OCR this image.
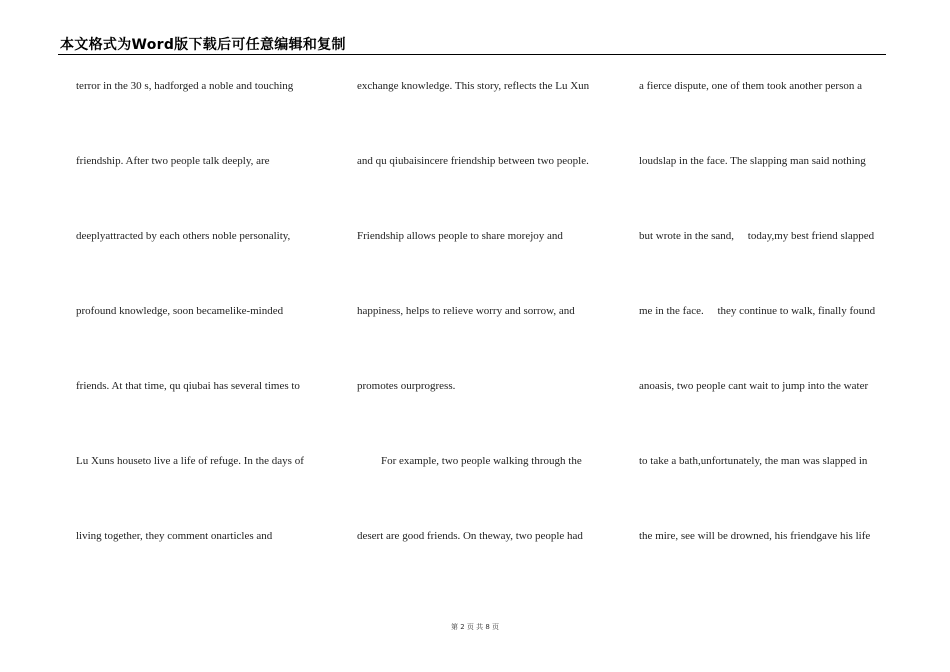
本文格式为Word版下载后可任意编辑和复制
terror in the 30 s, hadforged a noble and touching
friendship. After two people talk deeply, are
deeplyattracted by each others noble personality,
profound knowledge, soon becamelike-minded
friends. At that time, qu qiubai has several times to
Lu Xuns houseto live a life of refuge. In the days of
living together, they comment onarticles and
exchange knowledge. This story, reflects the Lu Xun
and qu qiubaisincere friendship between two people.
Friendship allows people to share morejoy and
happiness, helps to relieve worry and sorrow, and
promotes ourprogress.
For example, two people walking through the
desert are good friends. On theway, two people had
a fierce dispute, one of them took another person a
loudslap in the face. The slapping man said nothing
but wrote in the sand,     today,my best friend slapped
me in the face.     they continue to walk, finally found
anoasis, two people cant wait to jump into the water
to take a bath,unfortunately, the man was slapped in
the mire, see will be drowned, his friendgave his life
第 2 页 共 8 页
